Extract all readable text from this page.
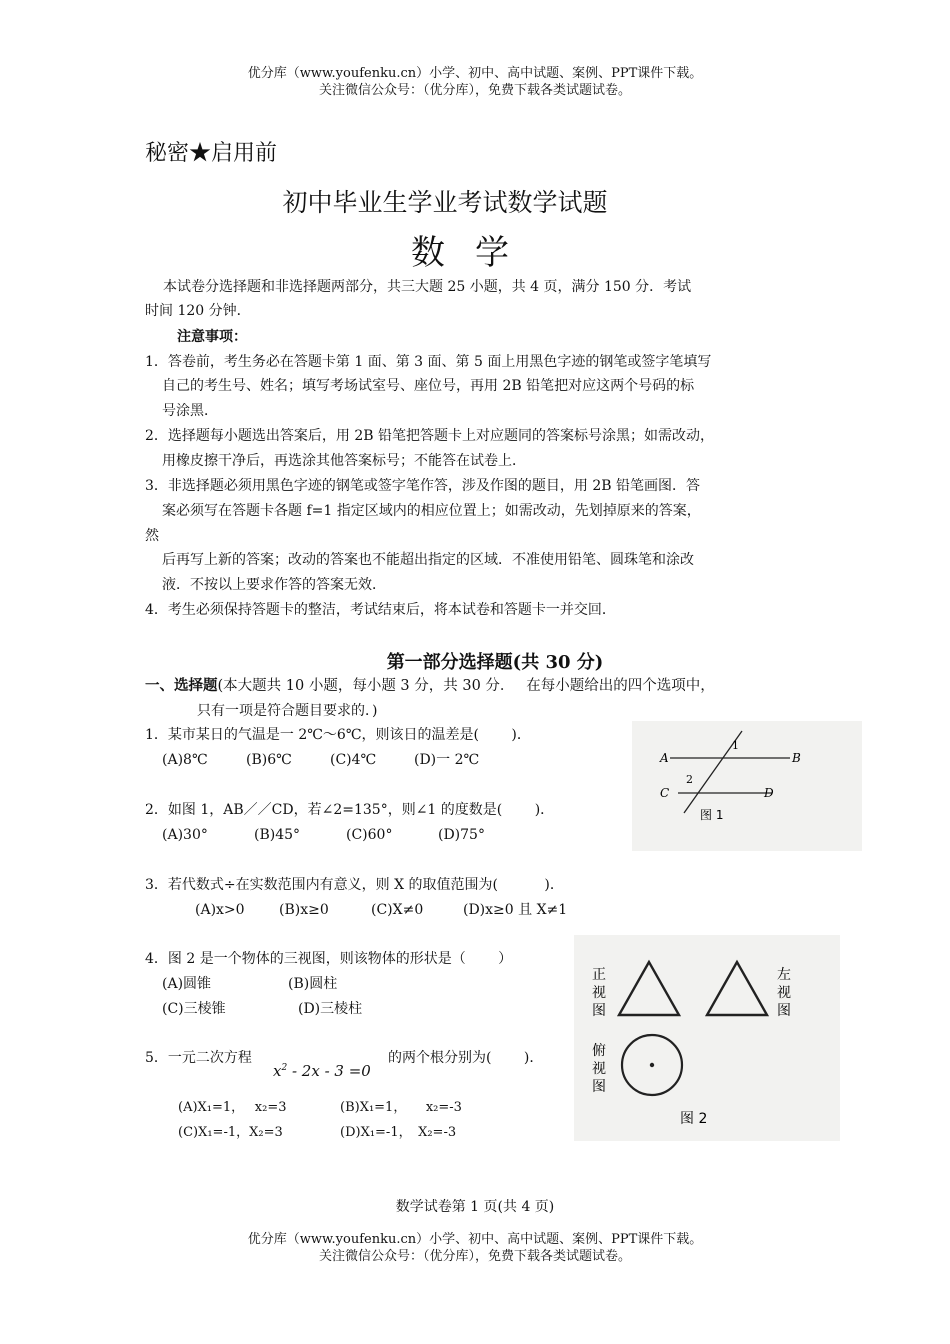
优分库（www.youfenku.cn）小学、初中、高中试题、案例、PPT课件下载。
关注微信公众号：（优分库），免费下载各类试题试卷。
秘密★启用前
初中毕业生学业考试数学试题
数学
本试卷分选择题和非选择题两部分，共三大题 25 小题，共 4 页，满分 150 分．考试
时间 120 分钟．
注意事项：
1．答卷前，考生务必在答题卡第 1 面、第 3 面、第 5 面上用黑色字迹的钢笔或签字笔填写
自己的考生号、姓名；填写考场试室号、座位号，再用 2B 铅笔把对应这两个号码的标
号涂黑．
2．选择题每小题选出答案后，用 2B 铅笔把答题卡上对应题同的答案标号涂黑；如需改动，
用橡皮擦干净后，再选涂其他答案标号；不能答在试卷上．
3．非选择题必须用黑色字迹的钢笔或签字笔作答，涉及作图的题目，用 2B 铅笔画图．答
案必须写在答题卡各题 f=1 指定区域内的相应位置上；如需改动，先划掉原来的答案，
然
后再写上新的答案；改动的答案也不能超出指定的区域．不准使用铅笔、圆珠笔和涂改
液．不按以上要求作答的答案无效．
4．考生必须保持答题卡的整洁，考试结束后，将本试卷和答题卡一并交回．
第一部分选择题(共 30 分)
一、选择题(本大题共 10 小题，每小题 3 分，共 30 分．　 在每小题给出的四个选项中，
只有一项是符合题目要求的．)
1．某市某日的气温是一 2℃～6℃，则该日的温差是(　　 )．
(A)8℃	(B)6℃	(C)4℃	(D)一 2℃
2．如图 1，AB／／CD，若∠2=135°，则∠1 的度数是(　　 )．
(A)30°	(B)45°	(C)60°	(D)75°
3．若代数式÷在实数范围内有意义，则 X 的取值范围为(　　　 )．
(A)x>0 (B)x≥0	(C)X≠0	(D)x≥0 且 X≠1
4．图 2 是一个物体的三视图，则该物体的形状是（　　 ）
(A)圆锥	(B)圆柱
(C)三棱锥	(D)三棱柱
5．一元二次方程
$x^2 - 2x - 3 =0$
的两个根分别为(　　 )．
(A)X₁=1，　 x₂=3	(B)X₁=1，　　x₂=-3
(C)X₁=-1，X₂=3	(D)X₁=-1，　X₂=-3
A	B
C	D
1
2
图 1
正 视 图
左 视 图
俯 视 图
图 2
数学试卷第 1 页(共 4 页)
优分库（www.youfenku.cn）小学、初中、高中试题、案例、PPT课件下载。
关注微信公众号：（优分库），免费下载各类试题试卷。
